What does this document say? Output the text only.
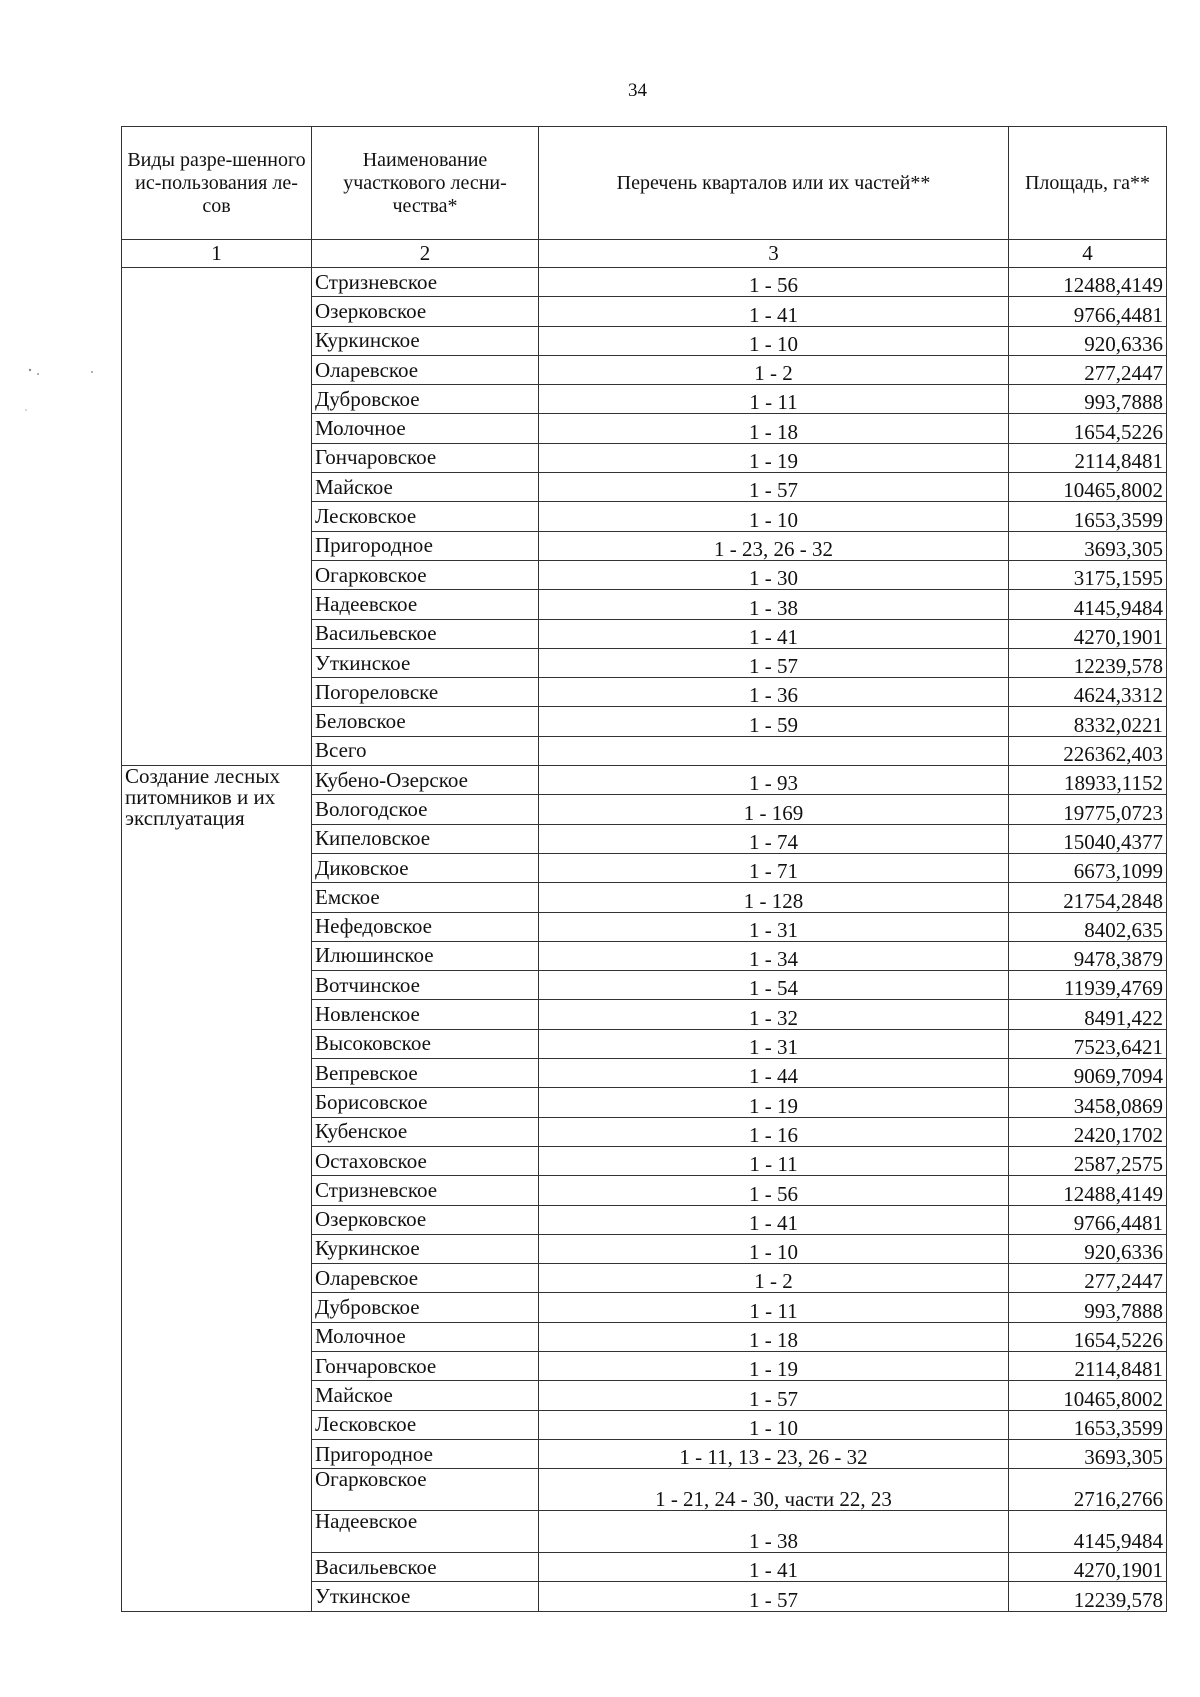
34
Виды разре-шенного ис-пользования ле-сов	Наименование участкового лесни-чества*	Перечень кварталов или их частей**	Площадь, га**
1	2	3	4
	Стризневское	1 - 56	12488,4149
	Озерковское	1 - 41	9766,4481
	Куркинское	1 - 10	920,6336
	Оларевское	1 - 2	277,2447
	Дубровское	1 - 11	993,7888
	Молочное	1 - 18	1654,5226
	Гончаровское	1 - 19	2114,8481
	Майское	1 - 57	10465,8002
	Лесковское	1 - 10	1653,3599
	Пригородное	1 - 23, 26 - 32	3693,305
	Огарковское	1 - 30	3175,1595
	Надеевское	1 - 38	4145,9484
	Васильевское	1 - 41	4270,1901
	Уткинское	1 - 57	12239,578
	Погореловске	1 - 36	4624,3312
	Беловское	1 - 59	8332,0221
	Всего		226362,403
Создание лесных питомников и их эксплуатация	Кубено-Озерское	1 - 93	18933,1152
	Вологодское	1 - 169	19775,0723
	Кипеловское	1 - 74	15040,4377
	Диковское	1 - 71	6673,1099
	Емское	1 - 128	21754,2848
	Нефедовское	1 - 31	8402,635
	Илюшинское	1 - 34	9478,3879
	Вотчинское	1 - 54	11939,4769
	Новленское	1 - 32	8491,422
	Высоковское	1 - 31	7523,6421
	Вепревское	1 - 44	9069,7094
	Борисовское	1 - 19	3458,0869
	Кубенское	1 - 16	2420,1702
	Остаховское	1 - 11	2587,2575
	Стризневское	1 - 56	12488,4149
	Озерковское	1 - 41	9766,4481
	Куркинское	1 - 10	920,6336
	Оларевское	1 - 2	277,2447
	Дубровское	1 - 11	993,7888
	Молочное	1 - 18	1654,5226
	Гончаровское	1 - 19	2114,8481
	Майское	1 - 57	10465,8002
	Лесковское	1 - 10	1653,3599
	Пригородное	1 - 11, 13 - 23, 26 - 32	3693,305
	Огарковское	1 - 21, 24 - 30, части 22, 23	2716,2766
	Надеевское	1 - 38	4145,9484
	Васильевское	1 - 41	4270,1901
	Уткинское	1 - 57	12239,578
